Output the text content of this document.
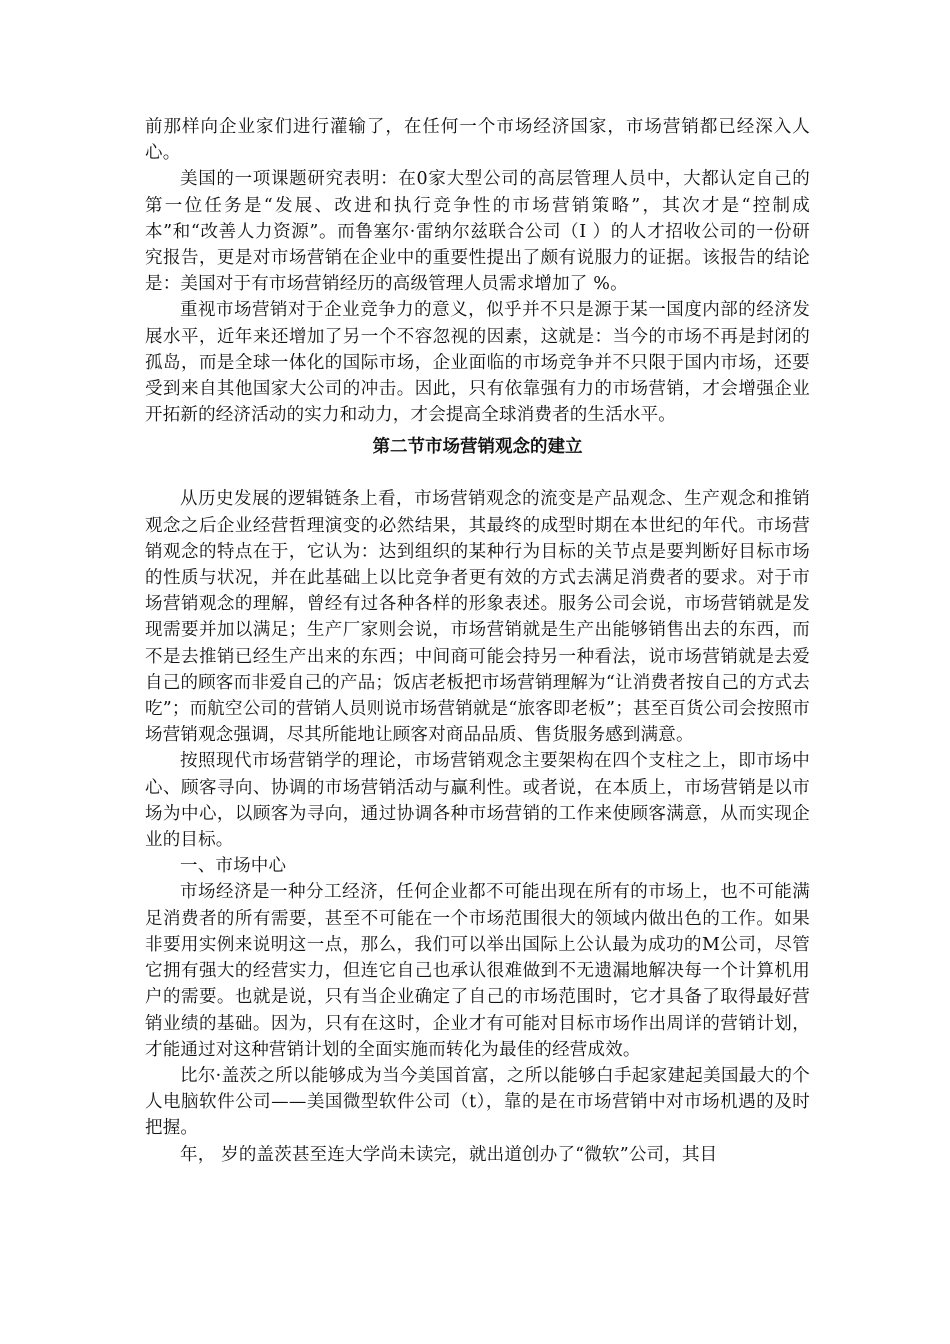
前那样向企业家们进行灌输了，在任何一个市场经济国家，市场营销都已经深入人心。

美国的一项课题研究表明：在0家大型公司的高层管理人员中，大都认定自己的第一位任务是“发展、改进和执行竞争性的市场营销策略”，其次才是“控制成本”和“改善人力资源”。而鲁塞尔·雷纳尔兹联合公司（I ）的人才招收公司的一份研究报告，更是对市场营销在企业中的重要性提出了颇有说服力的证据。该报告的结论是：美国对于有市场营销经历的高级管理人员需求增加了 %。

重视市场营销对于企业竞争力的意义，似乎并不只是源于某一国度内部的经济发展水平，近年来还增加了另一个不容忽视的因素，这就是：当今的市场不再是封闭的孤岛，而是全球一体化的国际市场，企业面临的市场竞争并不只限于国内市场，还要受到来自其他国家大公司的冲击。因此，只有依靠强有力的市场营销，才会增强企业开拓新的经济活动的实力和动力，才会提高全球消费者的生活水平。

第二节市场营销观念的建立

从历史发展的逻辑链条上看，市场营销观念的流变是产品观念、生产观念和推销观念之后企业经营哲理演变的必然结果，其最终的成型时期在本世纪的年代。市场营销观念的特点在于，它认为：达到组织的某种行为目标的关节点是要判断好目标市场的性质与状况，并在此基础上以比竞争者更有效的方式去满足消费者的要求。对于市场营销观念的理解，曾经有过各种各样的形象表述。服务公司会说，市场营销就是发现需要并加以满足；生产厂家则会说，市场营销就是生产出能够销售出去的东西，而不是去推销已经生产出来的东西；中间商可能会持另一种看法，说市场营销就是去爱自己的顾客而非爱自己的产品；饭店老板把市场营销理解为“让消费者按自己的方式去吃”；而航空公司的营销人员则说市场营销就是“旅客即老板”；甚至百货公司会按照市场营销观念强调，尽其所能地让顾客对商品品质、售货服务感到满意。

按照现代市场营销学的理论，市场营销观念主要架构在四个支柱之上，即市场中心、顾客寻向、协调的市场营销活动与赢利性。或者说，在本质上，市场营销是以市场为中心，以顾客为寻向，通过协调各种市场营销的工作来使顾客满意，从而实现企业的目标。

一、市场中心

市场经济是一种分工经济，任何企业都不可能出现在所有的市场上，也不可能满足消费者的所有需要，甚至不可能在一个市场范围很大的领域内做出色的工作。如果非要用实例来说明这一点，那么，我们可以举出国际上公认最为成功的M公司，尽管它拥有强大的经营实力，但连它自己也承认很难做到不无遗漏地解决每一个计算机用户的需要。也就是说，只有当企业确定了自己的市场范围时，它才具备了取得最好营销业绩的基础。因为，只有在这时，企业才有可能对目标市场作出周详的营销计划，才能通过对这种营销计划的全面实施而转化为最佳的经营成效。

比尔·盖茨之所以能够成为当今美国首富，之所以能够白手起家建起美国最大的个人电脑软件公司——美国微型软件公司（t），靠的是在市场营销中对市场机遇的及时把握。

年， 岁的盖茨甚至连大学尚未读完，就出道创办了“微软”公司，其目
